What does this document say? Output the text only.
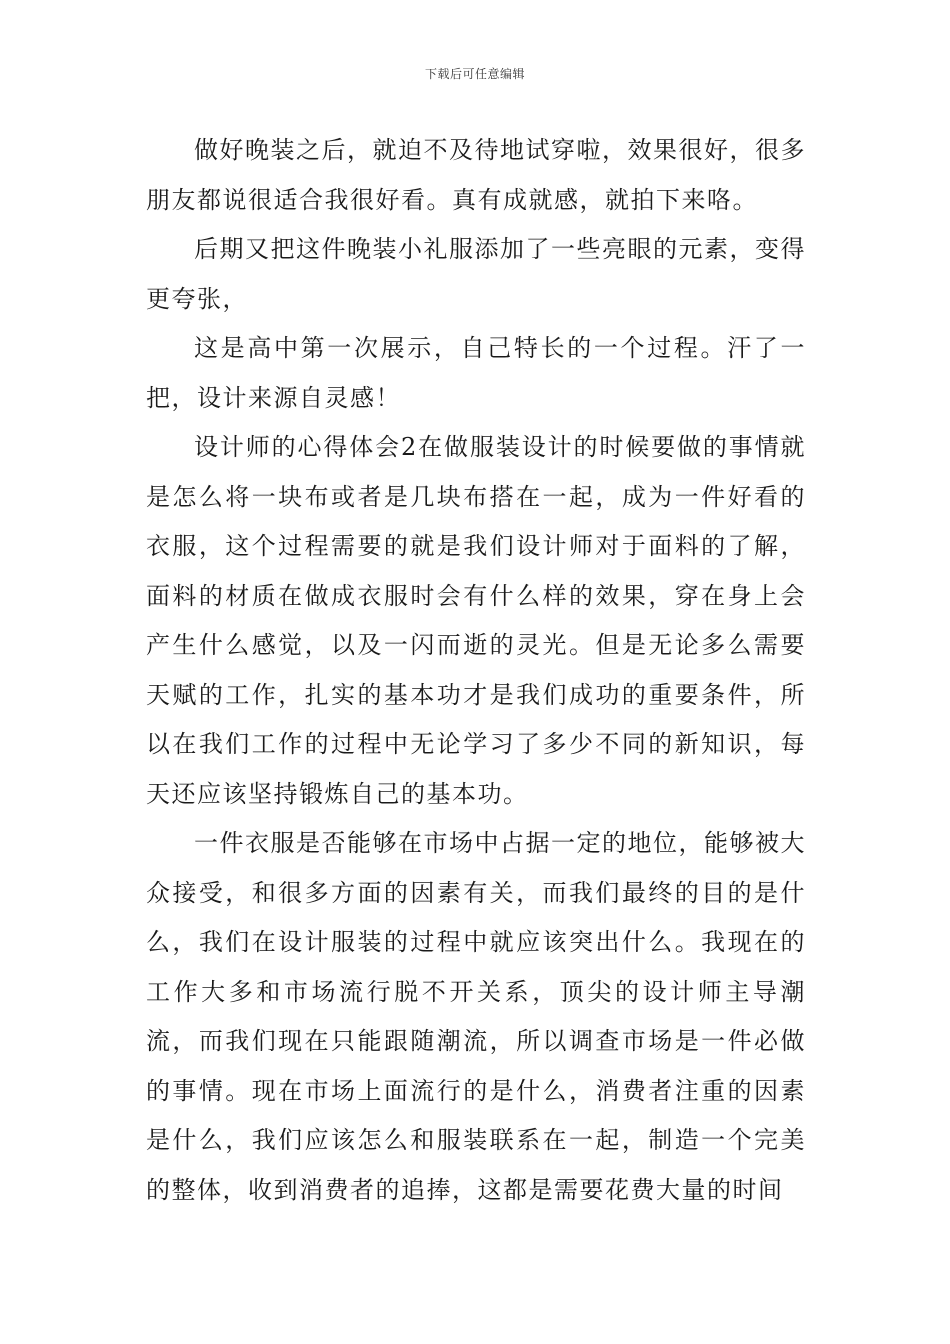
下载后可任意编辑

做好晚装之后，就迫不及待地试穿啦，效果很好，很多朋友都说很适合我很好看。真有成就感，就拍下来咯。

后期又把这件晚装小礼服添加了一些亮眼的元素，变得更夸张，

这是高中第一次展示，自己特长的一个过程。汗了一把，设计来源自灵感！

设计师的心得体会2在做服装设计的时候要做的事情就是怎么将一块布或者是几块布搭在一起，成为一件好看的衣服，这个过程需要的就是我们设计师对于面料的了解，面料的材质在做成衣服时会有什么样的效果，穿在身上会产生什么感觉，以及一闪而逝的灵光。但是无论多么需要天赋的工作，扎实的基本功才是我们成功的重要条件，所以在我们工作的过程中无论学习了多少不同的新知识，每天还应该坚持锻炼自己的基本功。

一件衣服是否能够在市场中占据一定的地位，能够被大众接受，和很多方面的因素有关，而我们最终的目的是什么，我们在设计服装的过程中就应该突出什么。我现在的工作大多和市场流行脱不开关系，顶尖的设计师主导潮流，而我们现在只能跟随潮流，所以调查市场是一件必做的事情。现在市场上面流行的是什么，消费者注重的因素是什么，我们应该怎么和服装联系在一起，制造一个完美的整体，收到消费者的追捧，这都是需要花费大量的时间
